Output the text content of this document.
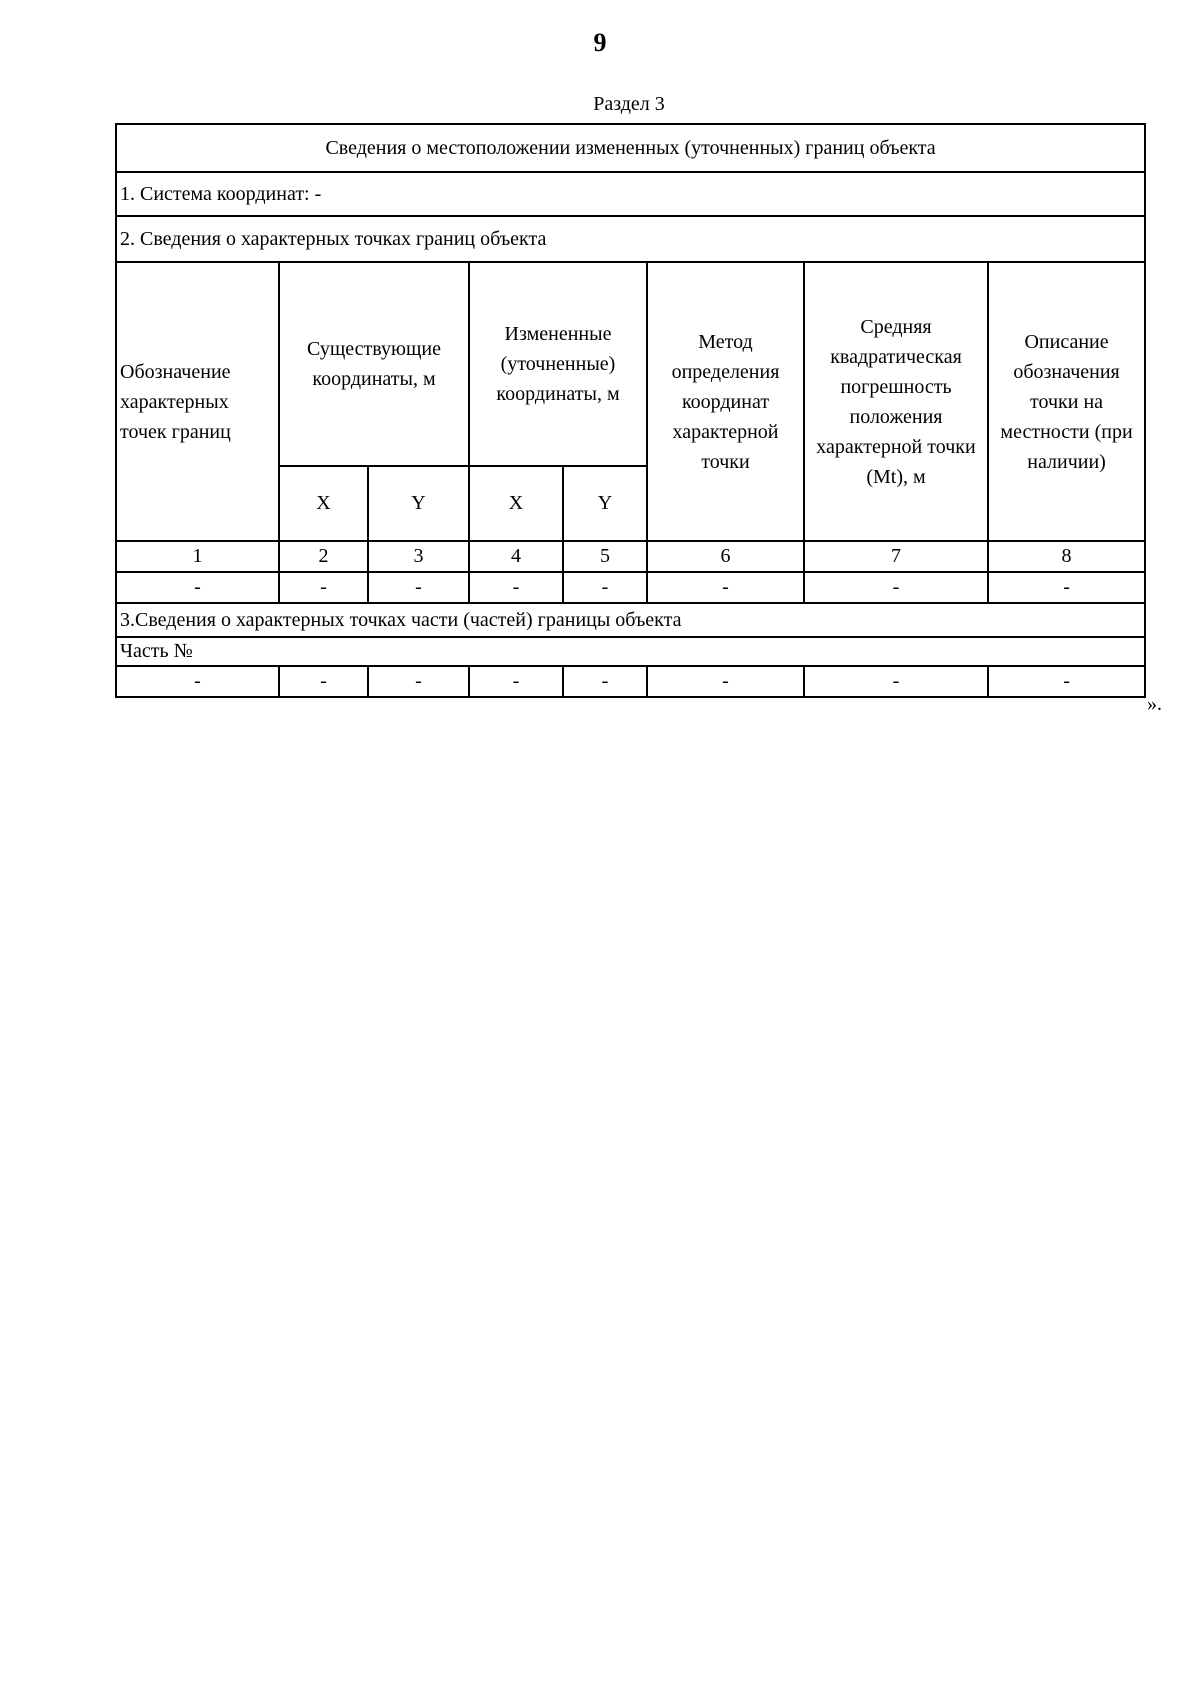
9
Раздел 3
Сведения о местоположении измененных (уточненных) границ объекта							
1. Система координат: -							
2. Сведения о характерных точках границ объекта							
Обозначение характерных точек границ	Существующие координаты, м		Измененные (уточненные) координаты, м		Метод определения координат характерной точки	Средняя квадратическая погрешность положения характерной точки (Mt), м	Описание обозначения точки на местности (при наличии)
	X	Y	X	Y			
1	2	3	4	5	6	7	8
-	-	-	-	-	-	-	-
3.Сведения о характерных точках части (частей) границы объекта							
Часть №							
-	-	-	-	-	-	-	-
».
